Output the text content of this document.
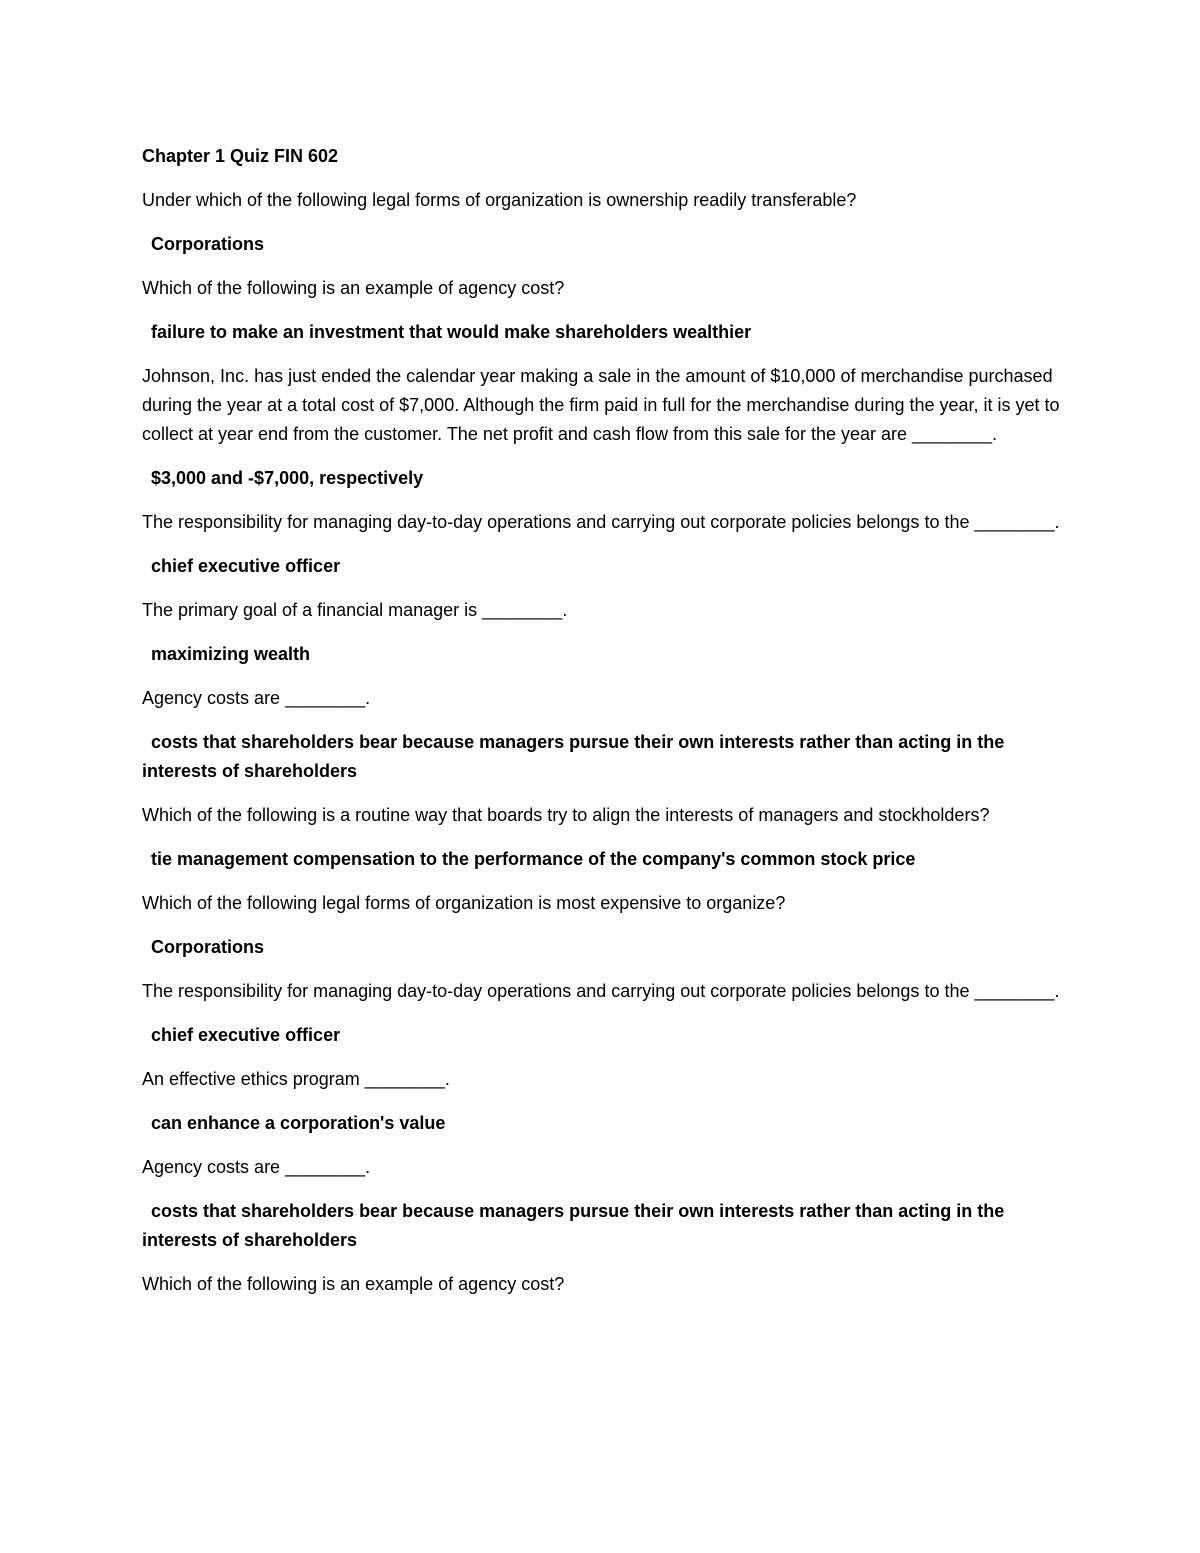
Chapter 1 Quiz FIN 602

Under which of the following legal forms of organization is ownership readily transferable?

Corporations

Which of the following is an example of agency cost?

failure to make an investment that would make shareholders wealthier

Johnson, Inc. has just ended the calendar year making a sale in the amount of $10,000 of merchandise purchased during the year at a total cost of $7,000. Although the firm paid in full for the merchandise during the year, it is yet to collect at year end from the customer. The net profit and cash flow from this sale for the year are ________.

$3,000 and -$7,000, respectively

The responsibility for managing day-to-day operations and carrying out corporate policies belongs to the ________.

chief executive officer

The primary goal of a financial manager is ________.

maximizing wealth

Agency costs are ________.

costs that shareholders bear because managers pursue their own interests rather than acting in the interests of shareholders

Which of the following is a routine way that boards try to align the interests of managers and stockholders?

tie management compensation to the performance of the company's common stock price

Which of the following legal forms of organization is most expensive to organize?

Corporations

The responsibility for managing day-to-day operations and carrying out corporate policies belongs to the ________.

chief executive officer

An effective ethics program ________.

can enhance a corporation's value

Agency costs are ________.

costs that shareholders bear because managers pursue their own interests rather than acting in the interests of shareholders

Which of the following is an example of agency cost?
